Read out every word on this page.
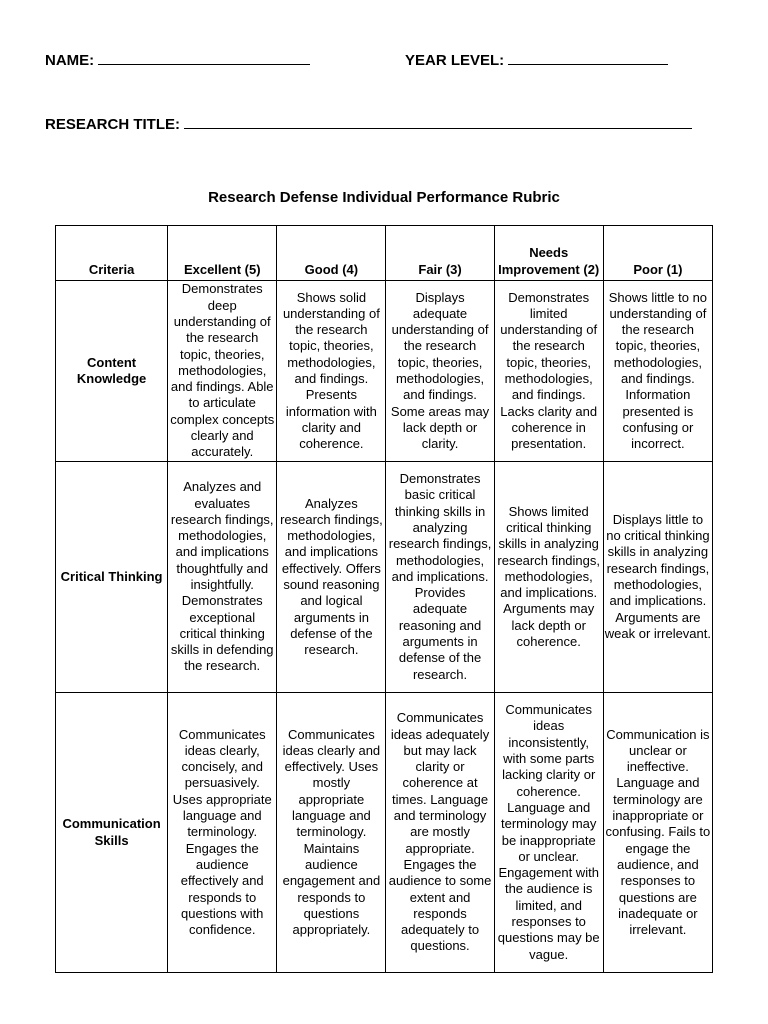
NAME:	YEAR LEVEL:
RESEARCH TITLE:
Research Defense Individual Performance Rubric
Criteria	Excellent (5)	Good (4)	Fair (3)	Needs Improvement (2)	Poor (1)
Content Knowledge	Demonstrates deep understanding of the research topic, theories, methodologies, and findings. Able to articulate complex concepts clearly and accurately.	Shows solid understanding of the research topic, theories, methodologies, and findings. Presents information with clarity and coherence.	Displays adequate understanding of the research topic, theories, methodologies, and findings. Some areas may lack depth or clarity.	Demonstrates limited understanding of the research topic, theories, methodologies, and findings. Lacks clarity and coherence in presentation.	Shows little to no understanding of the research topic, theories, methodologies, and findings. Information presented is confusing or incorrect.
Critical Thinking	Analyzes and evaluates research findings, methodologies, and implications thoughtfully and insightfully. Demonstrates exceptional critical thinking skills in defending the research.	Analyzes research findings, methodologies, and implications effectively. Offers sound reasoning and logical arguments in defense of the research.	Demonstrates basic critical thinking skills in analyzing research findings, methodologies, and implications. Provides adequate reasoning and arguments in defense of the research.	Shows limited critical thinking skills in analyzing research findings, methodologies, and implications. Arguments may lack depth or coherence.	Displays little to no critical thinking skills in analyzing research findings, methodologies, and implications. Arguments are weak or irrelevant.
Communication Skills	Communicates ideas clearly, concisely, and persuasively. Uses appropriate language and terminology. Engages the audience effectively and responds to questions with confidence.	Communicates ideas clearly and effectively. Uses mostly appropriate language and terminology. Maintains audience engagement and responds to questions appropriately.	Communicates ideas adequately but may lack clarity or coherence at times. Language and terminology are mostly appropriate. Engages the audience to some extent and responds adequately to questions.	Communicates ideas inconsistently, with some parts lacking clarity or coherence. Language and terminology may be inappropriate or unclear. Engagement with the audience is limited, and responses to questions may be vague.	Communication is unclear or ineffective. Language and terminology are inappropriate or confusing. Fails to engage the audience, and responses to questions are inadequate or irrelevant.
